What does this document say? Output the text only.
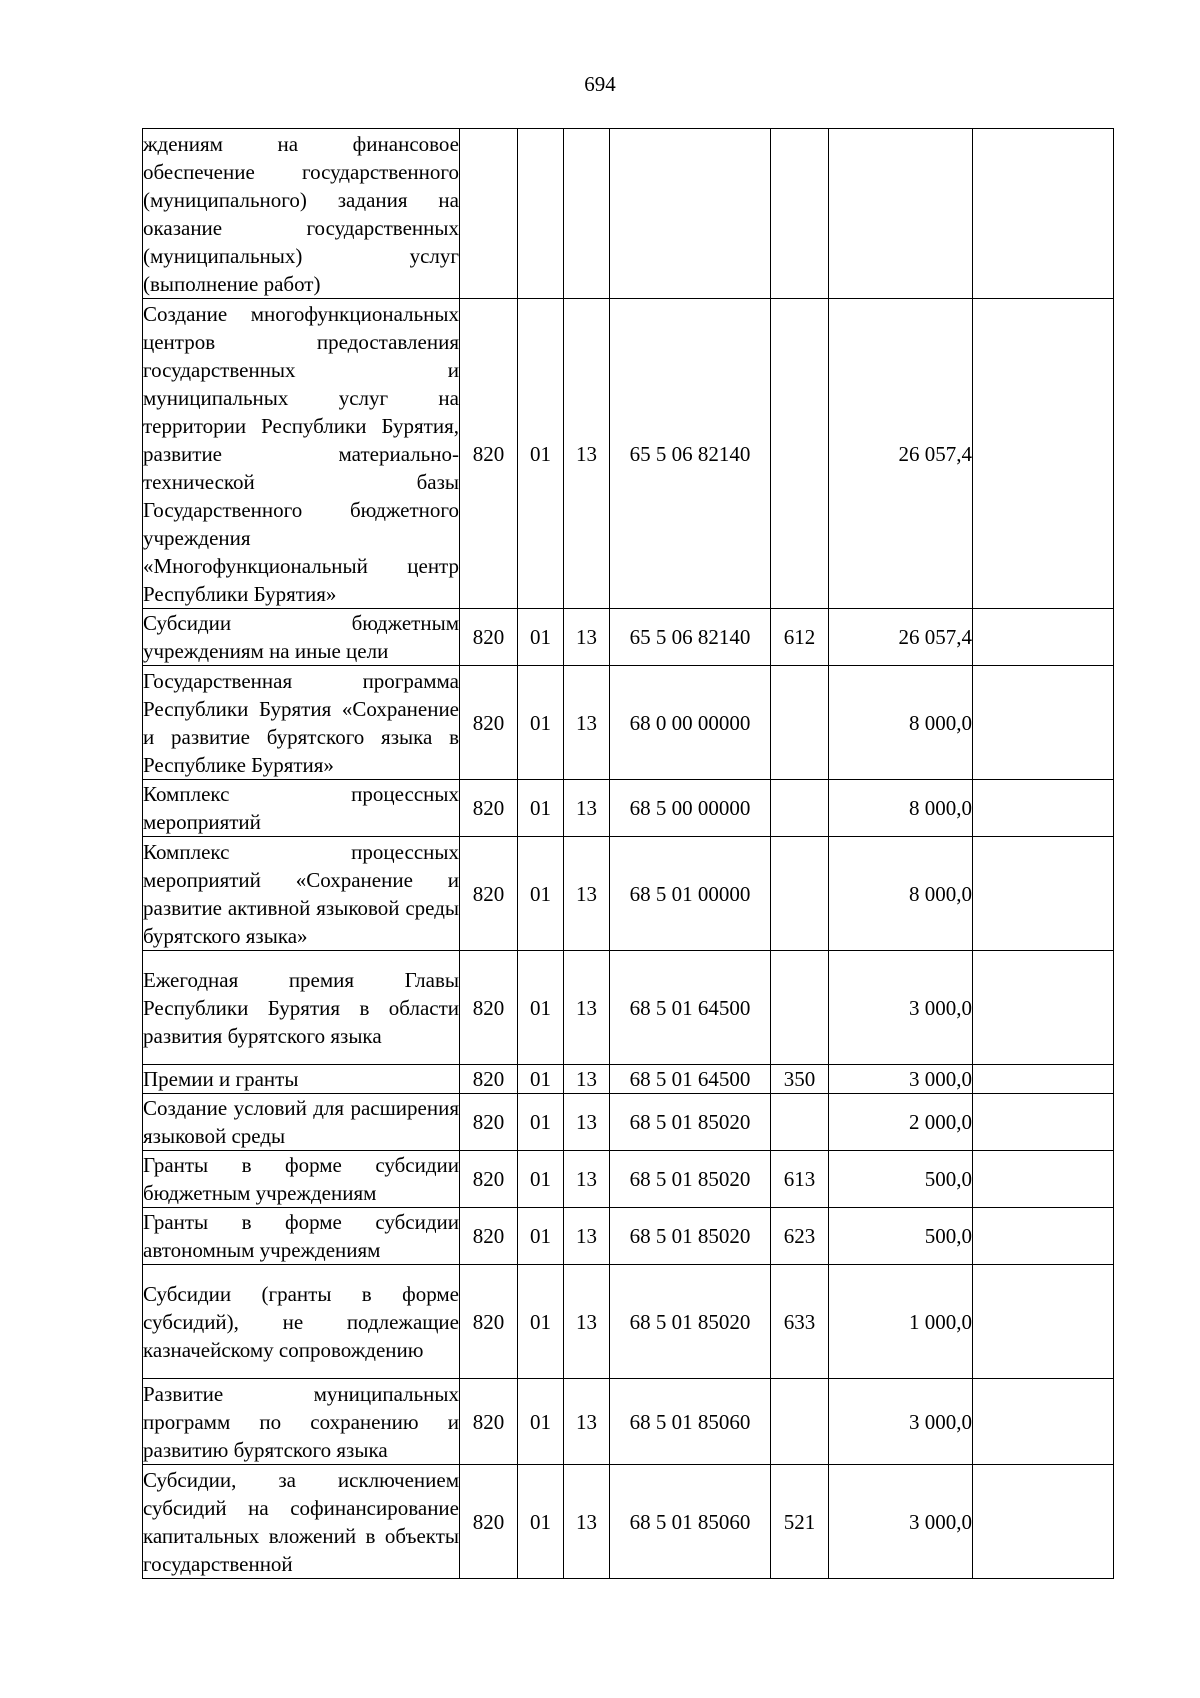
694
ждениям на финансовое обеспечение государственного (муниципального) задания на оказание государственных (муниципальных) услуг (выполнение работ)							
Создание многофункциональных центров предоставления государственных и муниципальных услуг на территории Республики Бурятия, развитие материально-технической базы Государственного бюджетного учреждения «Многофункциональный центр Республики Бурятия»	820	01	13	65 5 06 82140		26 057,4	
Субсидии бюджетным учреждениям на иные цели	820	01	13	65 5 06 82140	612	26 057,4	
Государственная программа Республики Бурятия «Сохранение и развитие бурятского языка в Республике Бурятия»	820	01	13	68 0 00 00000		8 000,0	
Комплекс процессных мероприятий	820	01	13	68 5 00 00000		8 000,0	
Комплекс процессных мероприятий «Сохранение и развитие активной языковой среды бурятского языка»	820	01	13	68 5 01 00000		8 000,0	
Ежегодная премия Главы Республики Бурятия в области развития бурятского языка	820	01	13	68 5 01 64500		3 000,0	
Премии и гранты	820	01	13	68 5 01 64500	350	3 000,0	
Создание условий для расширения языковой среды	820	01	13	68 5 01 85020		2 000,0	
Гранты в форме субсидии бюджетным учреждениям	820	01	13	68 5 01 85020	613	500,0	
Гранты в форме субсидии автономным учреждениям	820	01	13	68 5 01 85020	623	500,0	
Субсидии (гранты в форме субсидий), не подлежащие казначейскому сопровождению	820	01	13	68 5 01 85020	633	1 000,0	
Развитие муниципальных программ по сохранению и развитию бурятского языка	820	01	13	68 5 01 85060		3 000,0	
Субсидии, за исключением субсидий на софинансирование капитальных вложений в объекты государственной	820	01	13	68 5 01 85060	521	3 000,0	
